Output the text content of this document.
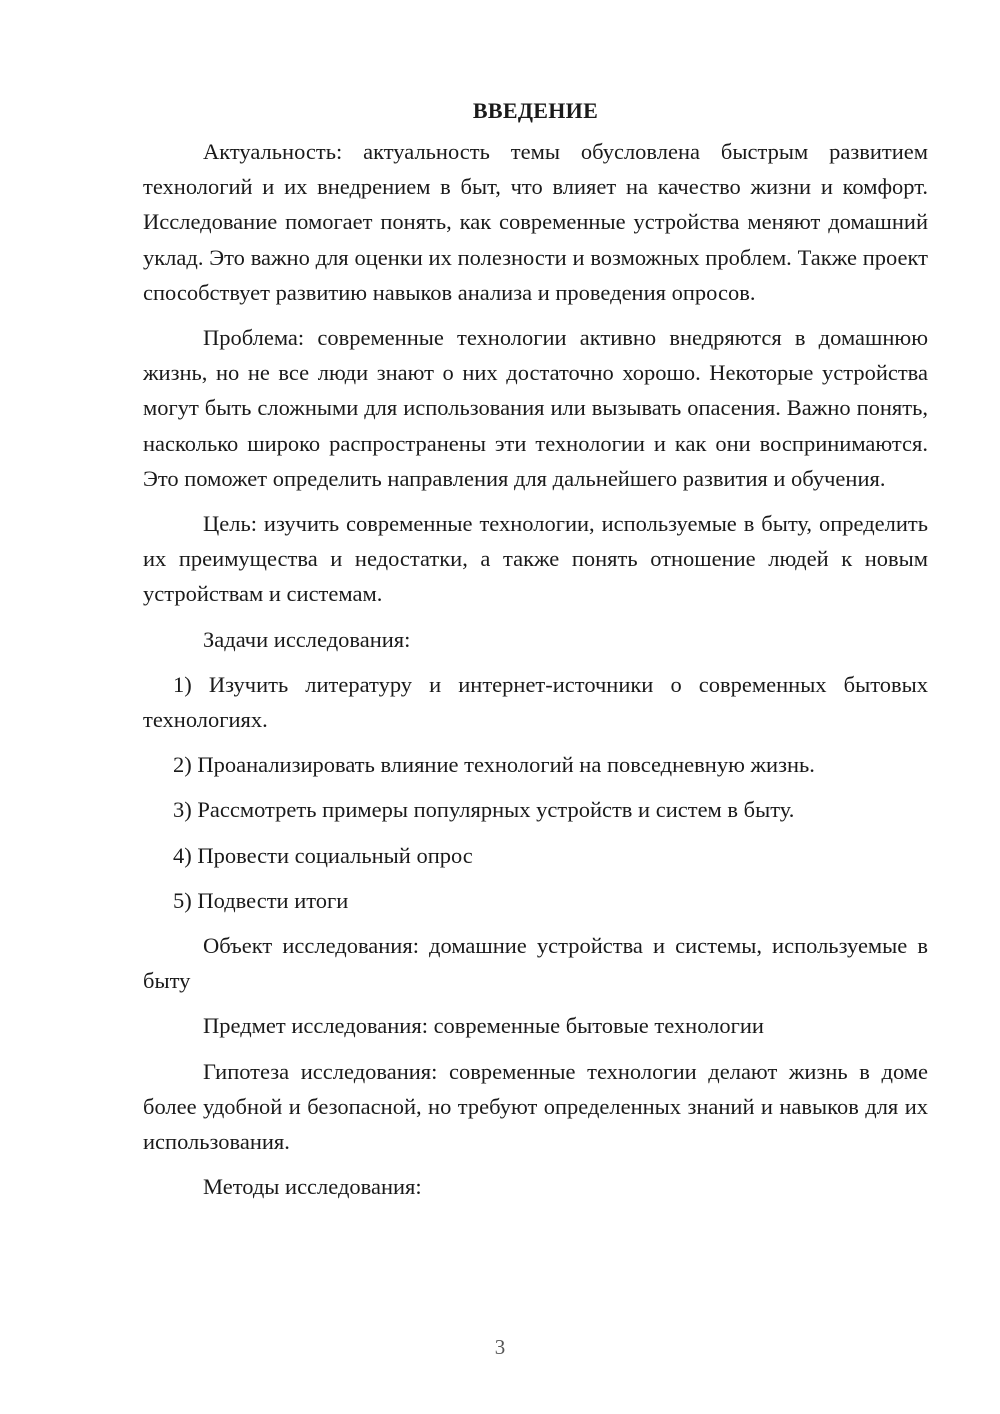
ВВЕДЕНИЕ

Актуальность: актуальность темы обусловлена быстрым развитием технологий и их внедрением в быт, что влияет на качество жизни и комфорт. Исследование помогает понять, как современные устройства меняют домашний уклад. Это важно для оценки их полезности и возможных проблем. Также проект способствует развитию навыков анализа и проведения опросов.

Проблема: современные технологии активно внедряются в домашнюю жизнь, но не все люди знают о них достаточно хорошо. Некоторые устройства могут быть сложными для использования или вызывать опасения. Важно понять, насколько широко распространены эти технологии и как они воспринимаются. Это поможет определить направления для дальнейшего развития и обучения.

Цель: изучить современные технологии, используемые в быту, определить их преимущества и недостатки, а также понять отношение людей к новым устройствам и системам.

Задачи исследования:

1) Изучить литературу и интернет-источники о современных бытовых технологиях.

2) Проанализировать влияние технологий на повседневную жизнь.

3) Рассмотреть примеры популярных устройств и систем в быту.

4) Провести социальный опрос

5) Подвести итоги

Объект исследования: домашние устройства и системы, используемые в быту

Предмет исследования: современные бытовые технологии

Гипотеза исследования: современные технологии делают жизнь в доме более удобной и безопасной, но требуют определенных знаний и навыков для их использования.

Методы исследования:

3
